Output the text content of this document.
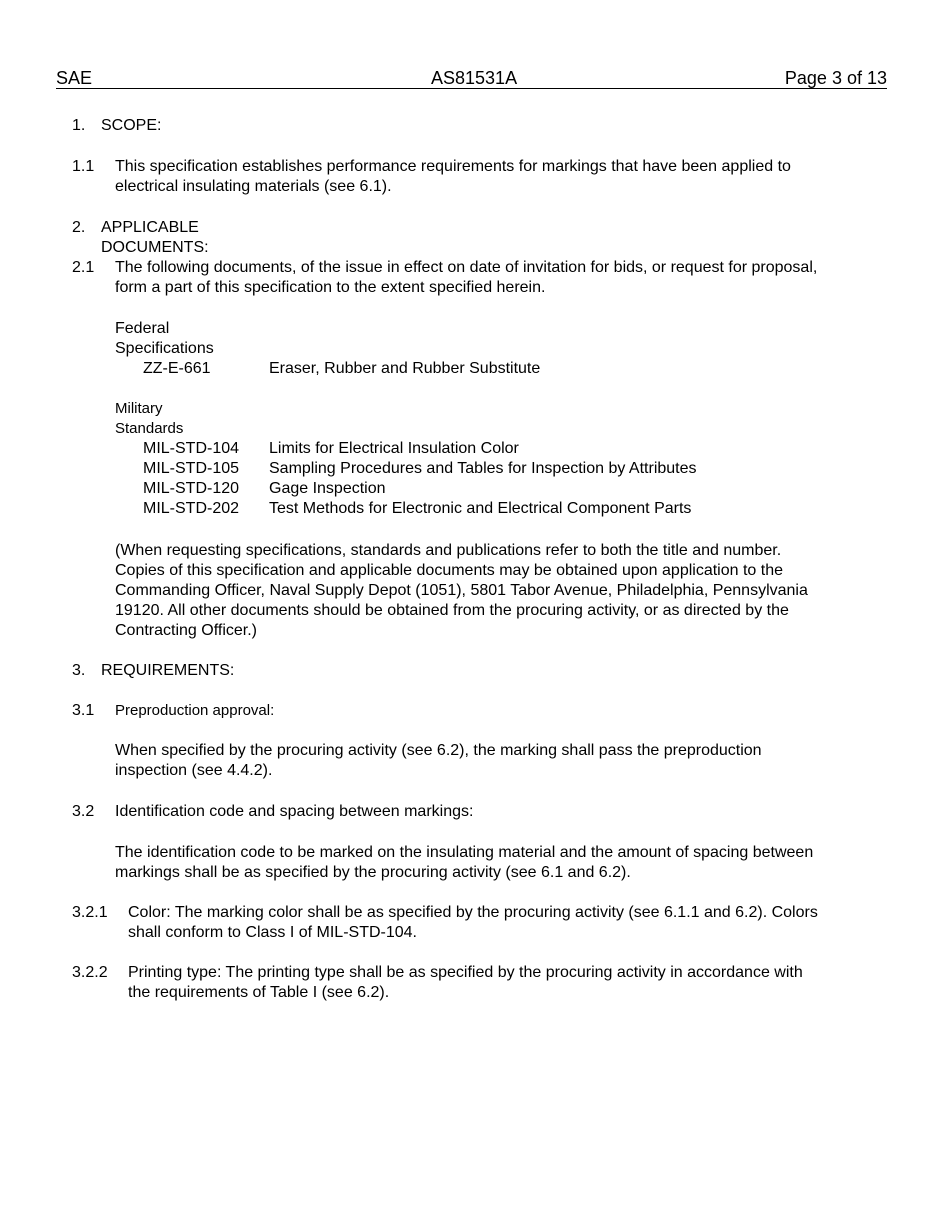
SAE	AS81531A	Page 3 of 13
1. SCOPE:
1.1 This specification establishes performance requirements for markings that have been applied to
electrical insulating materials (see 6.1).
2. APPLICABLE DOCUMENTS:
2.1 The following documents, of the issue in effect on date of invitation for bids, or request for proposal,
form a part of this specification to the extent specified herein.
Federal Specifications
ZZ-E-661	Eraser, Rubber and Rubber Substitute
Military Standards
MIL-STD-104 Limits for Electrical Insulation Color
MIL-STD-105 Sampling Procedures and Tables for Inspection by Attributes
MIL-STD-120 Gage Inspection
MIL-STD-202 Test Methods for Electronic and Electrical Component Parts
(When requesting specifications, standards and publications refer to both the title and number.
Copies of this specification and applicable documents may be obtained upon application to the
Commanding Officer, Naval Supply Depot (1051), 5801 Tabor Avenue, Philadelphia, Pennsylvania
19120. All other documents should be obtained from the procuring activity, or as directed by the
Contracting Officer.)
3. REQUIREMENTS:
3.1 Preproduction approval:
When specified by the procuring activity (see 6.2), the marking shall pass the preproduction
inspection (see 4.4.2).
3.2 Identification code and spacing between markings:
The identification code to be marked on the insulating material and the amount of spacing between
markings shall be as specified by the procuring activity (see 6.1 and 6.2).
3.2.1 Color: The marking color shall be as specified by the procuring activity (see 6.1.1 and 6.2). Colors
shall conform to Class I of MIL-STD-104.
3.2.2 Printing type: The printing type shall be as specified by the procuring activity in accordance with
the requirements of Table I (see 6.2).
